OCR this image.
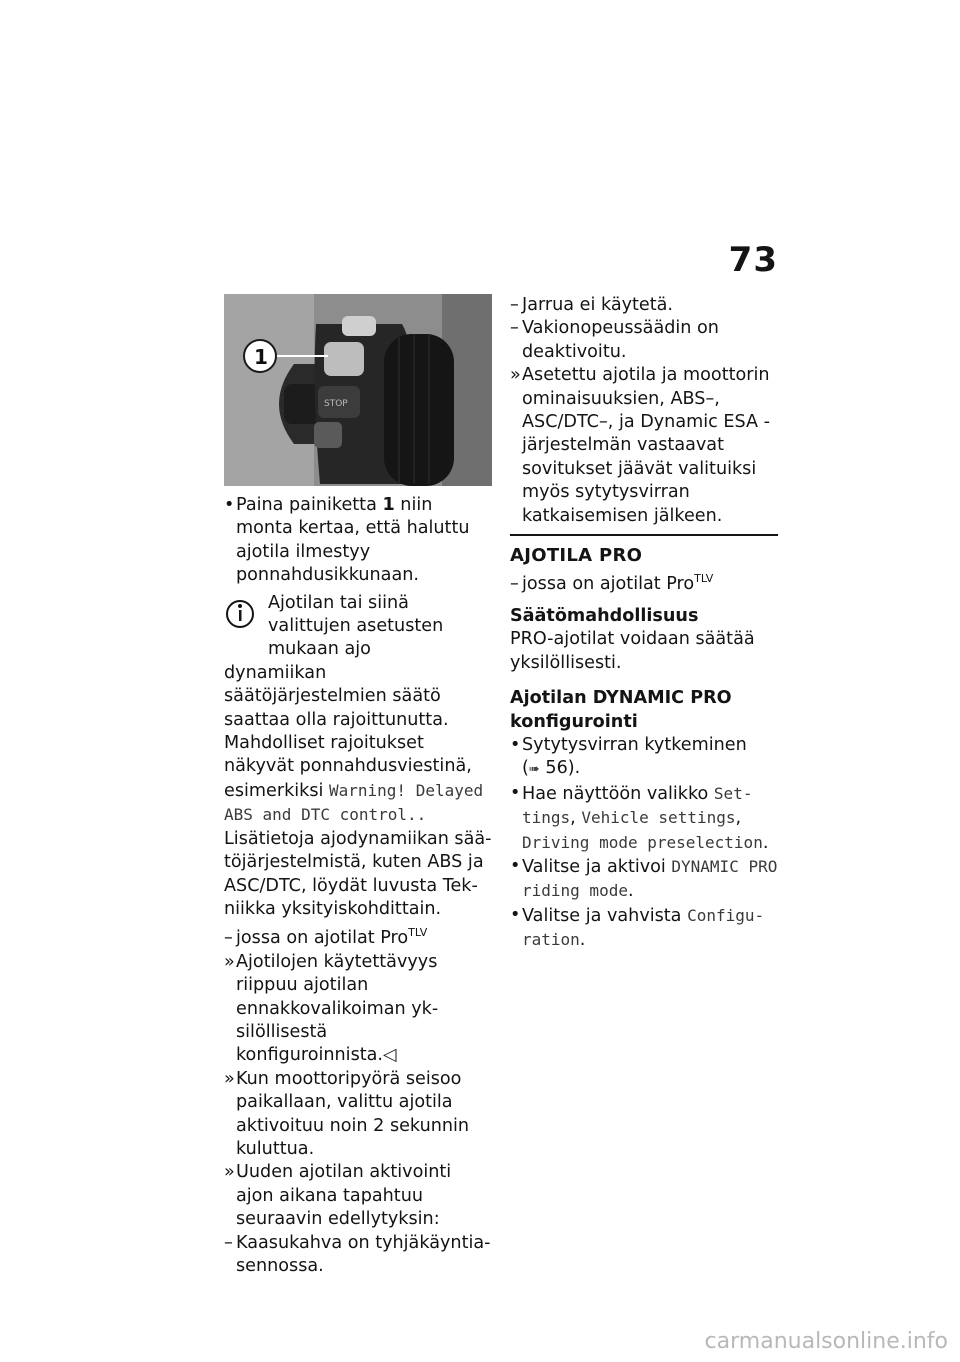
73
STOP
1

• Paina painiketta 1 niin monta kertaa, että haluttu ajotila ilmestyy ponnahdusikkunaan.

Ajotilan tai siinä valittujen asetusten mukaan ajo

dynamiikan säätöjärjestelmien säätö saattaa olla rajoittunutta. Mahdolliset rajoitukset näkyvät ponnahdusviestinä, esimerkiksi Warning! Delayed ABS and DTC control..

Lisätietoja ajodynamiikan säätöjärjestelmistä, kuten ABS ja ASC/DTC, löydät luvusta Tekniikka yksityiskohdittain.

– jossa on ajotilat Pro$^{TLV}$

» Ajotilojen käytettävyys riippuu ajotilan ennakkovalikoiman yksilöllisestä konfiguroinnista.◁

» Kun moottoripyörä seisoo paikallaan, valittu ajotila aktivoituu noin 2 sekunnin kuluttua.

» Uuden ajotilan aktivointi ajon aikana tapahtuu seuraavin edellytyksin:

– Kaasukahva on tyhjäkäyntiasennossa.

– Jarrua ei käytetä.

– Vakionopeussäädin on deaktivoitu.

» Asetettu ajotila ja moottorin ominaisuuksien, ABS–, ASC/DTC–, ja Dynamic ESA -järjestelmän vastaavat sovitukset jäävät valituiksi myös sytytysvirran katkaisemisen jälkeen.

AJOTILA PRO

– jossa on ajotilat Pro$^{TLV}$

Säätömahdollisuus

PRO-ajotilat voidaan säätää yksilöllisesti.

Ajotilan DYNAMIC PRO

konfigurointi

• Sytytysvirran kytkeminen
(➠ 56).

• Hae näyttöön valikko Settings, Vehicle settings, Driving mode preselection.

• Valitse ja aktivoi DYNAMIC PRO riding mode.

• Valitse ja vahvista Configuration.

carmanualsonline.info
